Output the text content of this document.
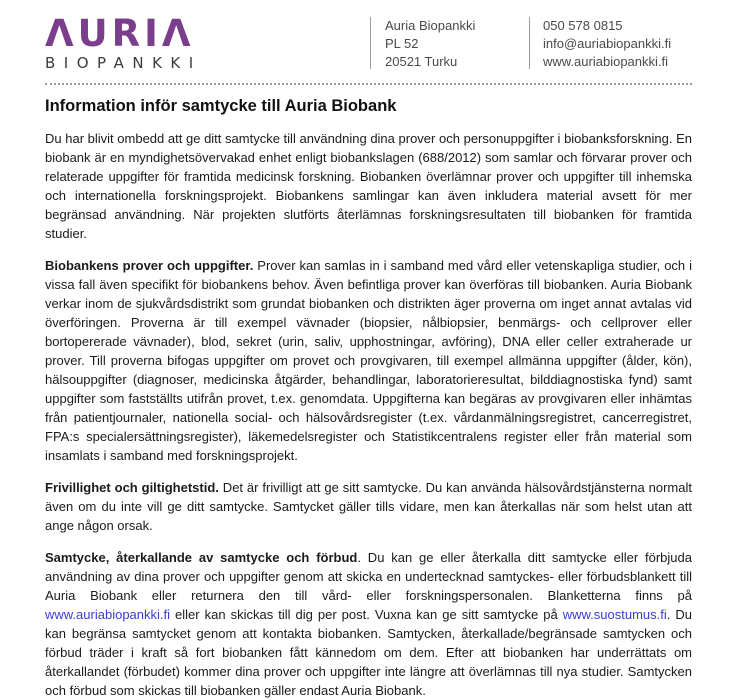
ΛURIΛ
BIOPANKKI
Auria Biopankki
PL 52
20521 Turku
050 578 0815
info@auriabiopankki.fi
www.auriabiopankki.fi
Information inför samtycke till Auria Biobank

Du har blivit ombedd att ge ditt samtycke till användning dina prover och personuppgifter i biobanksforskning. En biobank är en myndighetsövervakad enhet enligt biobankslagen (688/2012) som samlar och förvarar prover och relaterade uppgifter för framtida medicinsk forskning. Biobanken överlämnar prover och uppgifter till inhemska och internationella forskningsprojekt. Biobankens samlingar kan även inkludera material avsett för mer begränsad användning. När projekten slutförts återlämnas forskningsresultaten till biobanken för framtida studier.

Biobankens prover och uppgifter. Prover kan samlas in i samband med vård eller vetenskapliga studier, och i vissa fall även specifikt för biobankens behov. Även befintliga prover kan överföras till biobanken. Auria Biobank verkar inom de sjukvårdsdistrikt som grundat biobanken och distrikten äger proverna om inget annat avtalas vid överföringen. Proverna är till exempel vävnader (biopsier, nålbiopsier, benmärgs- och cellprover eller bortopererade vävnader), blod, sekret (urin, saliv, upphostningar, avföring), DNA eller celler extraherade ur prover. Till proverna bifogas uppgifter om provet och provgivaren, till exempel allmänna uppgifter (ålder, kön), hälsouppgifter (diagnoser, medicinska åtgärder, behandlingar, laboratorieresultat, bilddiagnostiska fynd) samt uppgifter som fastställts utifrån provet, t.ex. genomdata. Uppgifterna kan begäras av provgivaren eller inhämtas från patientjournaler, nationella social- och hälsovårdsregister (t.ex. vårdanmälningsregistret, cancerregistret, FPA:s specialersättningsregister), läkemedelsregister och Statistikcentralens register eller från material som insamlats i samband med forskningsprojekt.

Frivillighet och giltighetstid. Det är frivilligt att ge sitt samtycke. Du kan använda hälsovårdstjänsterna normalt även om du inte vill ge ditt samtycke. Samtycket gäller tills vidare, men kan återkallas när som helst utan att ange någon orsak.

Samtycke, återkallande av samtycke och förbud. Du kan ge eller återkalla ditt samtycke eller förbjuda användning av dina prover och uppgifter genom att skicka en undertecknad samtyckes- eller förbudsblankett till Auria Biobank eller returnera den till vård- eller forskningspersonalen. Blanketterna finns på www.auriabiopankki.fi eller kan skickas till dig per post. Vuxna kan ge sitt samtycke på www.suostumus.fi. Du kan begränsa samtycket genom att kontakta biobanken. Samtycken, återkallade/begränsade samtycken och förbud träder i kraft så fort biobanken fått kännedom om dem. Efter att biobanken har underrättats om återkallandet (förbudet) kommer dina prover och uppgifter inte längre att överlämnas till nya studier. Samtycken och förbud som skickas till biobanken gäller endast Auria Biobank.
